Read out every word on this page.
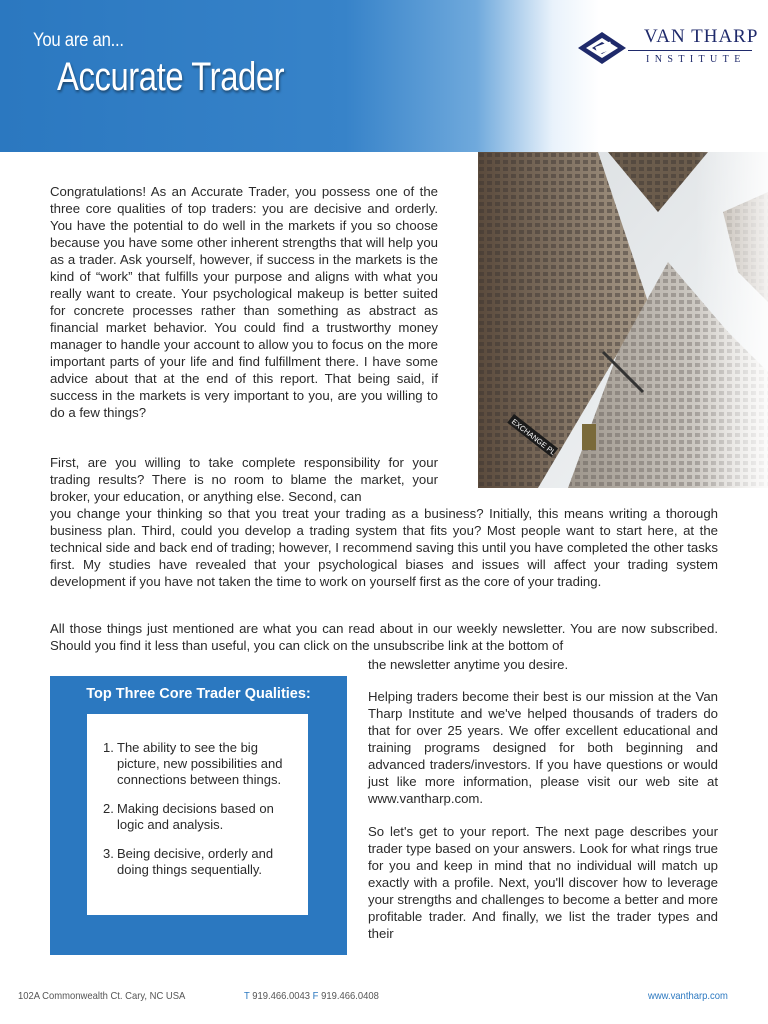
You are an...
Accurate Trader
VAN THARP
INSTITUTE

Congratulations! As an Accurate Trader, you possess one of the three core qualities of top traders: you are decisive and orderly. You have the potential to do well in the markets if you so choose because you have some other inherent strengths that will help you as a trader. Ask yourself, however, if success in the markets is the kind of “work” that fulfills your purpose and aligns with what you really want to create. Your psychological makeup is better suited for concrete processes rather than something as abstract as financial market behavior. You could find a trustworthy money manager to handle your account to allow you to focus on the more important parts of your life and find fulfillment there. I have some advice about that at the end of this report. That being said, if success in the markets is very important to you, are you willing to do a few things?

First, are you willing to take complete responsibility for your trading results? There is no room to blame the market, your broker, your education, or anything else. Second, can

you change your thinking so that you treat your trading as a business? Initially, this means writing a thorough business plan. Third, could you develop a trading system that fits you? Most people want to start here, at the technical side and back end of trading; however, I recommend saving this until you have completed the other tasks first. My studies have revealed that your psychological biases and issues will affect your trading system development if you have not taken the time to work on yourself first as the core of your trading.

All those things just mentioned are what you can read about in our weekly newsletter. You are now subscribed. Should you find it less than useful, you can click on the unsubscribe link at the bottom of

the newsletter anytime you desire.

Helping traders become their best is our mission at the Van Tharp Institute and we've helped thousands of traders do that for over 25 years. We offer excellent educational and training programs designed for both beginning and advanced traders/investors. If you have questions or would just like more information, please visit our web site at www.vantharp.com.

So let's get to your report. The next page describes your trader type based on your answers. Look for what rings true for you and keep in mind that no individual will match up exactly with a profile. Next, you'll discover how to leverage your strengths and challenges to become a better and more profitable trader. And finally, we list the trader types and their

Top Three Core Trader Qualities:
1. The ability to see the big picture, new possibilities and connections between things.
2. Making decisions based on logic and analysis.
3. Being decisive, orderly and doing things sequentially.
102A Commonwealth Ct. Cary, NC USA	T 919.466.0043 F 919.466.0408	www.vantharp.com
